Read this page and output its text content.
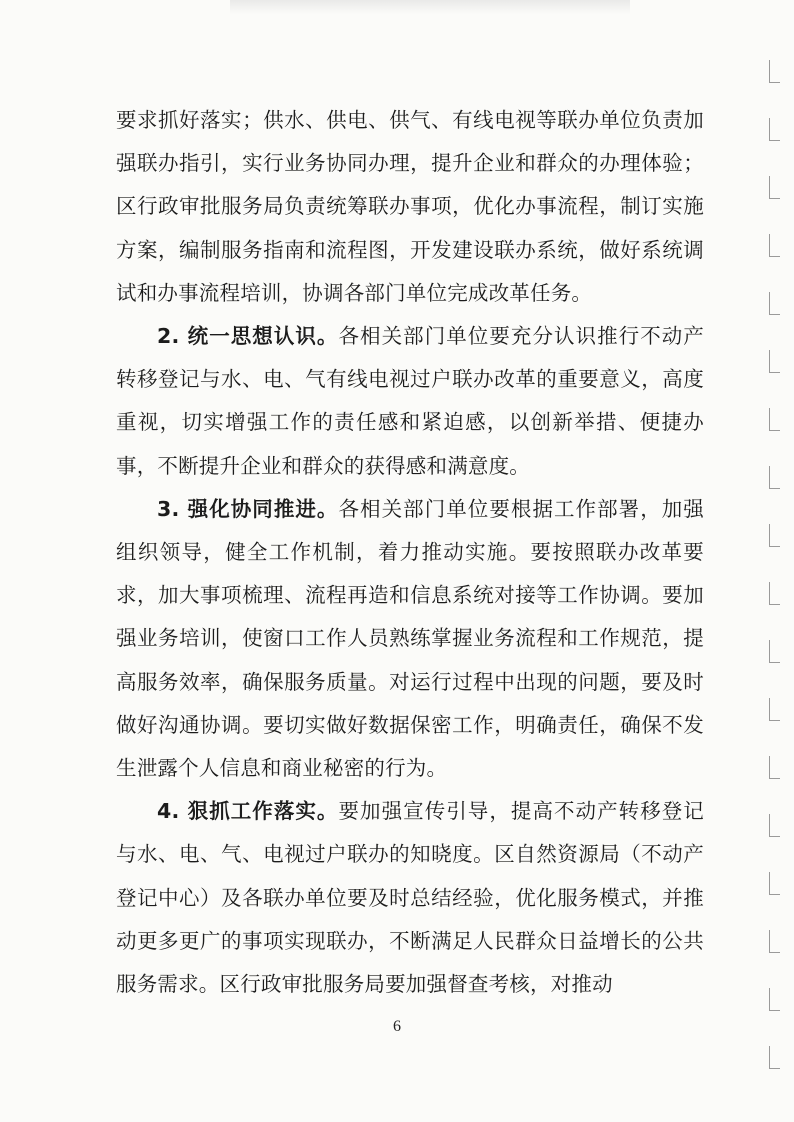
要求抓好落实；供水、供电、供气、有线电视等联办单位负责加强联办指引，实行业务协同办理，提升企业和群众的办理体验；区行政审批服务局负责统筹联办事项，优化办事流程，制订实施方案，编制服务指南和流程图，开发建设联办系统，做好系统调试和办事流程培训，协调各部门单位完成改革任务。

2. 统一思想认识。各相关部门单位要充分认识推行不动产转移登记与水、电、气有线电视过户联办改革的重要意义，高度重视，切实增强工作的责任感和紧迫感，以创新举措、便捷办事，不断提升企业和群众的获得感和满意度。

3. 强化协同推进。各相关部门单位要根据工作部署，加强组织领导，健全工作机制，着力推动实施。要按照联办改革要求，加大事项梳理、流程再造和信息系统对接等工作协调。要加强业务培训，使窗口工作人员熟练掌握业务流程和工作规范，提高服务效率，确保服务质量。对运行过程中出现的问题，要及时做好沟通协调。要切实做好数据保密工作，明确责任，确保不发生泄露个人信息和商业秘密的行为。

4. 狠抓工作落实。要加强宣传引导，提高不动产转移登记与水、电、气、电视过户联办的知晓度。区自然资源局（不动产登记中心）及各联办单位要及时总结经验，优化服务模式，并推动更多更广的事项实现联办，不断满足人民群众日益增长的公共服务需求。区行政审批服务局要加强督查考核，对推动

6
